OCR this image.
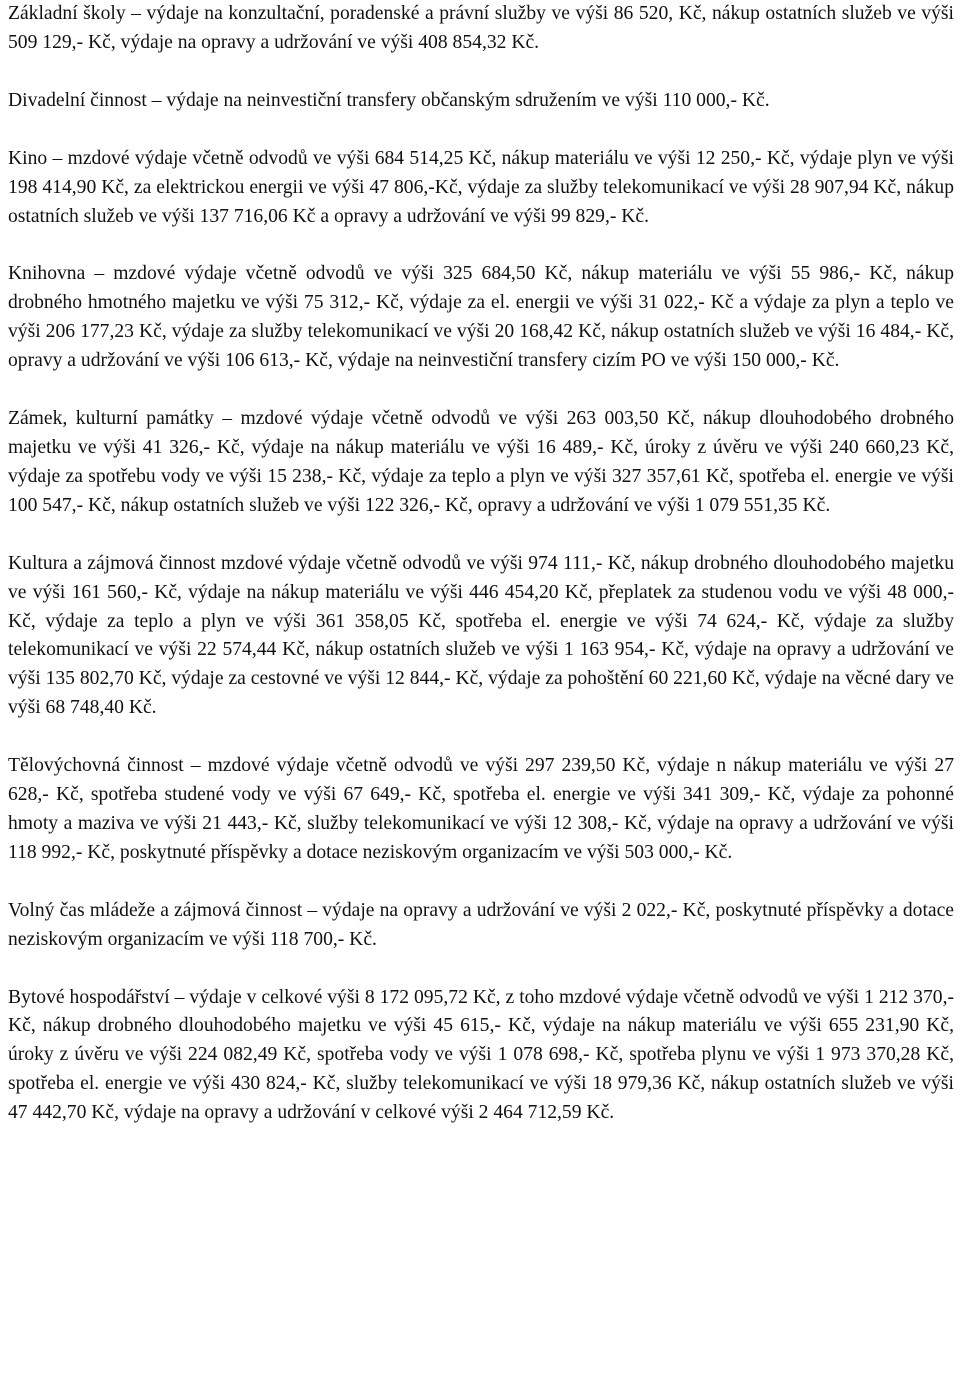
Základní školy – výdaje na konzultační, poradenské a právní služby ve výši 86 520, Kč, nákup ostatních služeb ve výši 509 129,- Kč, výdaje na opravy a udržování ve výši 408 854,32 Kč.

Divadelní činnost – výdaje na neinvestiční transfery občanským sdružením ve výši 110 000,- Kč.

Kino – mzdové výdaje včetně odvodů ve výši 684 514,25 Kč, nákup materiálu ve výši 12 250,- Kč, výdaje plyn ve výši 198 414,90 Kč, za elektrickou energii ve výši 47 806,-Kč, výdaje za služby telekomunikací ve výši 28 907,94 Kč, nákup ostatních služeb ve výši 137 716,06 Kč a opravy a udržování ve výši 99 829,- Kč.

Knihovna – mzdové výdaje včetně odvodů ve výši 325 684,50 Kč, nákup materiálu ve výši 55 986,- Kč, nákup drobného hmotného majetku ve výši 75 312,- Kč, výdaje za el. energii ve výši 31 022,- Kč a výdaje za plyn a teplo ve výši 206 177,23 Kč, výdaje za služby telekomunikací ve výši 20 168,42 Kč, nákup ostatních služeb ve výši 16 484,- Kč, opravy a udržování ve výši 106 613,- Kč, výdaje na neinvestiční transfery cizím PO ve výši 150 000,- Kč.

Zámek, kulturní památky – mzdové výdaje včetně odvodů ve výši 263 003,50 Kč, nákup dlouhodobého drobného majetku ve výši 41 326,- Kč, výdaje na nákup materiálu ve výši 16 489,- Kč, úroky z úvěru ve výši 240 660,23 Kč, výdaje za spotřebu vody ve výši 15 238,- Kč, výdaje za teplo a plyn ve výši 327 357,61 Kč, spotřeba el. energie ve výši 100 547,- Kč, nákup ostatních služeb ve výši 122 326,- Kč, opravy a udržování ve výši 1 079 551,35 Kč.

Kultura a zájmová činnost mzdové výdaje včetně odvodů ve výši 974 111,- Kč, nákup drobného dlouhodobého majetku ve výši 161 560,- Kč, výdaje na nákup materiálu ve výši 446 454,20 Kč, přeplatek za studenou vodu ve výši 48 000,- Kč, výdaje za teplo a plyn ve výši 361 358,05 Kč, spotřeba el. energie ve výši 74 624,- Kč, výdaje za služby telekomunikací ve výši 22 574,44 Kč, nákup ostatních služeb ve výši 1 163 954,- Kč, výdaje na opravy a udržování ve výši 135 802,70 Kč, výdaje za cestovné ve výši 12 844,- Kč, výdaje za pohoštění 60 221,60 Kč, výdaje na věcné dary ve výši 68 748,40 Kč.

Tělovýchovná činnost – mzdové výdaje včetně odvodů ve výši 297 239,50 Kč, výdaje n nákup materiálu ve výši 27 628,- Kč, spotřeba studené vody ve výši 67 649,- Kč, spotřeba el. energie ve výši 341 309,- Kč, výdaje za pohonné hmoty a maziva ve výši 21 443,- Kč, služby telekomunikací ve výši 12 308,- Kč, výdaje na opravy a udržování ve výši 118 992,- Kč, poskytnuté příspěvky a dotace neziskovým organizacím ve výši 503 000,- Kč.

Volný čas mládeže a zájmová činnost – výdaje na opravy a udržování ve výši 2 022,- Kč, poskytnuté příspěvky a dotace neziskovým organizacím ve výši 118 700,- Kč.

Bytové hospodářství – výdaje v celkové výši 8 172 095,72 Kč, z toho mzdové výdaje včetně odvodů ve výši 1 212 370,- Kč, nákup drobného dlouhodobého majetku ve výši 45 615,- Kč, výdaje na nákup materiálu ve výši 655 231,90 Kč, úroky z úvěru ve výši 224 082,49 Kč, spotřeba vody ve výši 1 078 698,- Kč, spotřeba plynu ve výši 1 973 370,28 Kč, spotřeba el. energie ve výši 430 824,- Kč, služby telekomunikací ve výši 18 979,36 Kč, nákup ostatních služeb ve výši 47 442,70 Kč, výdaje na opravy a udržování v celkové výši 2 464 712,59 Kč.
